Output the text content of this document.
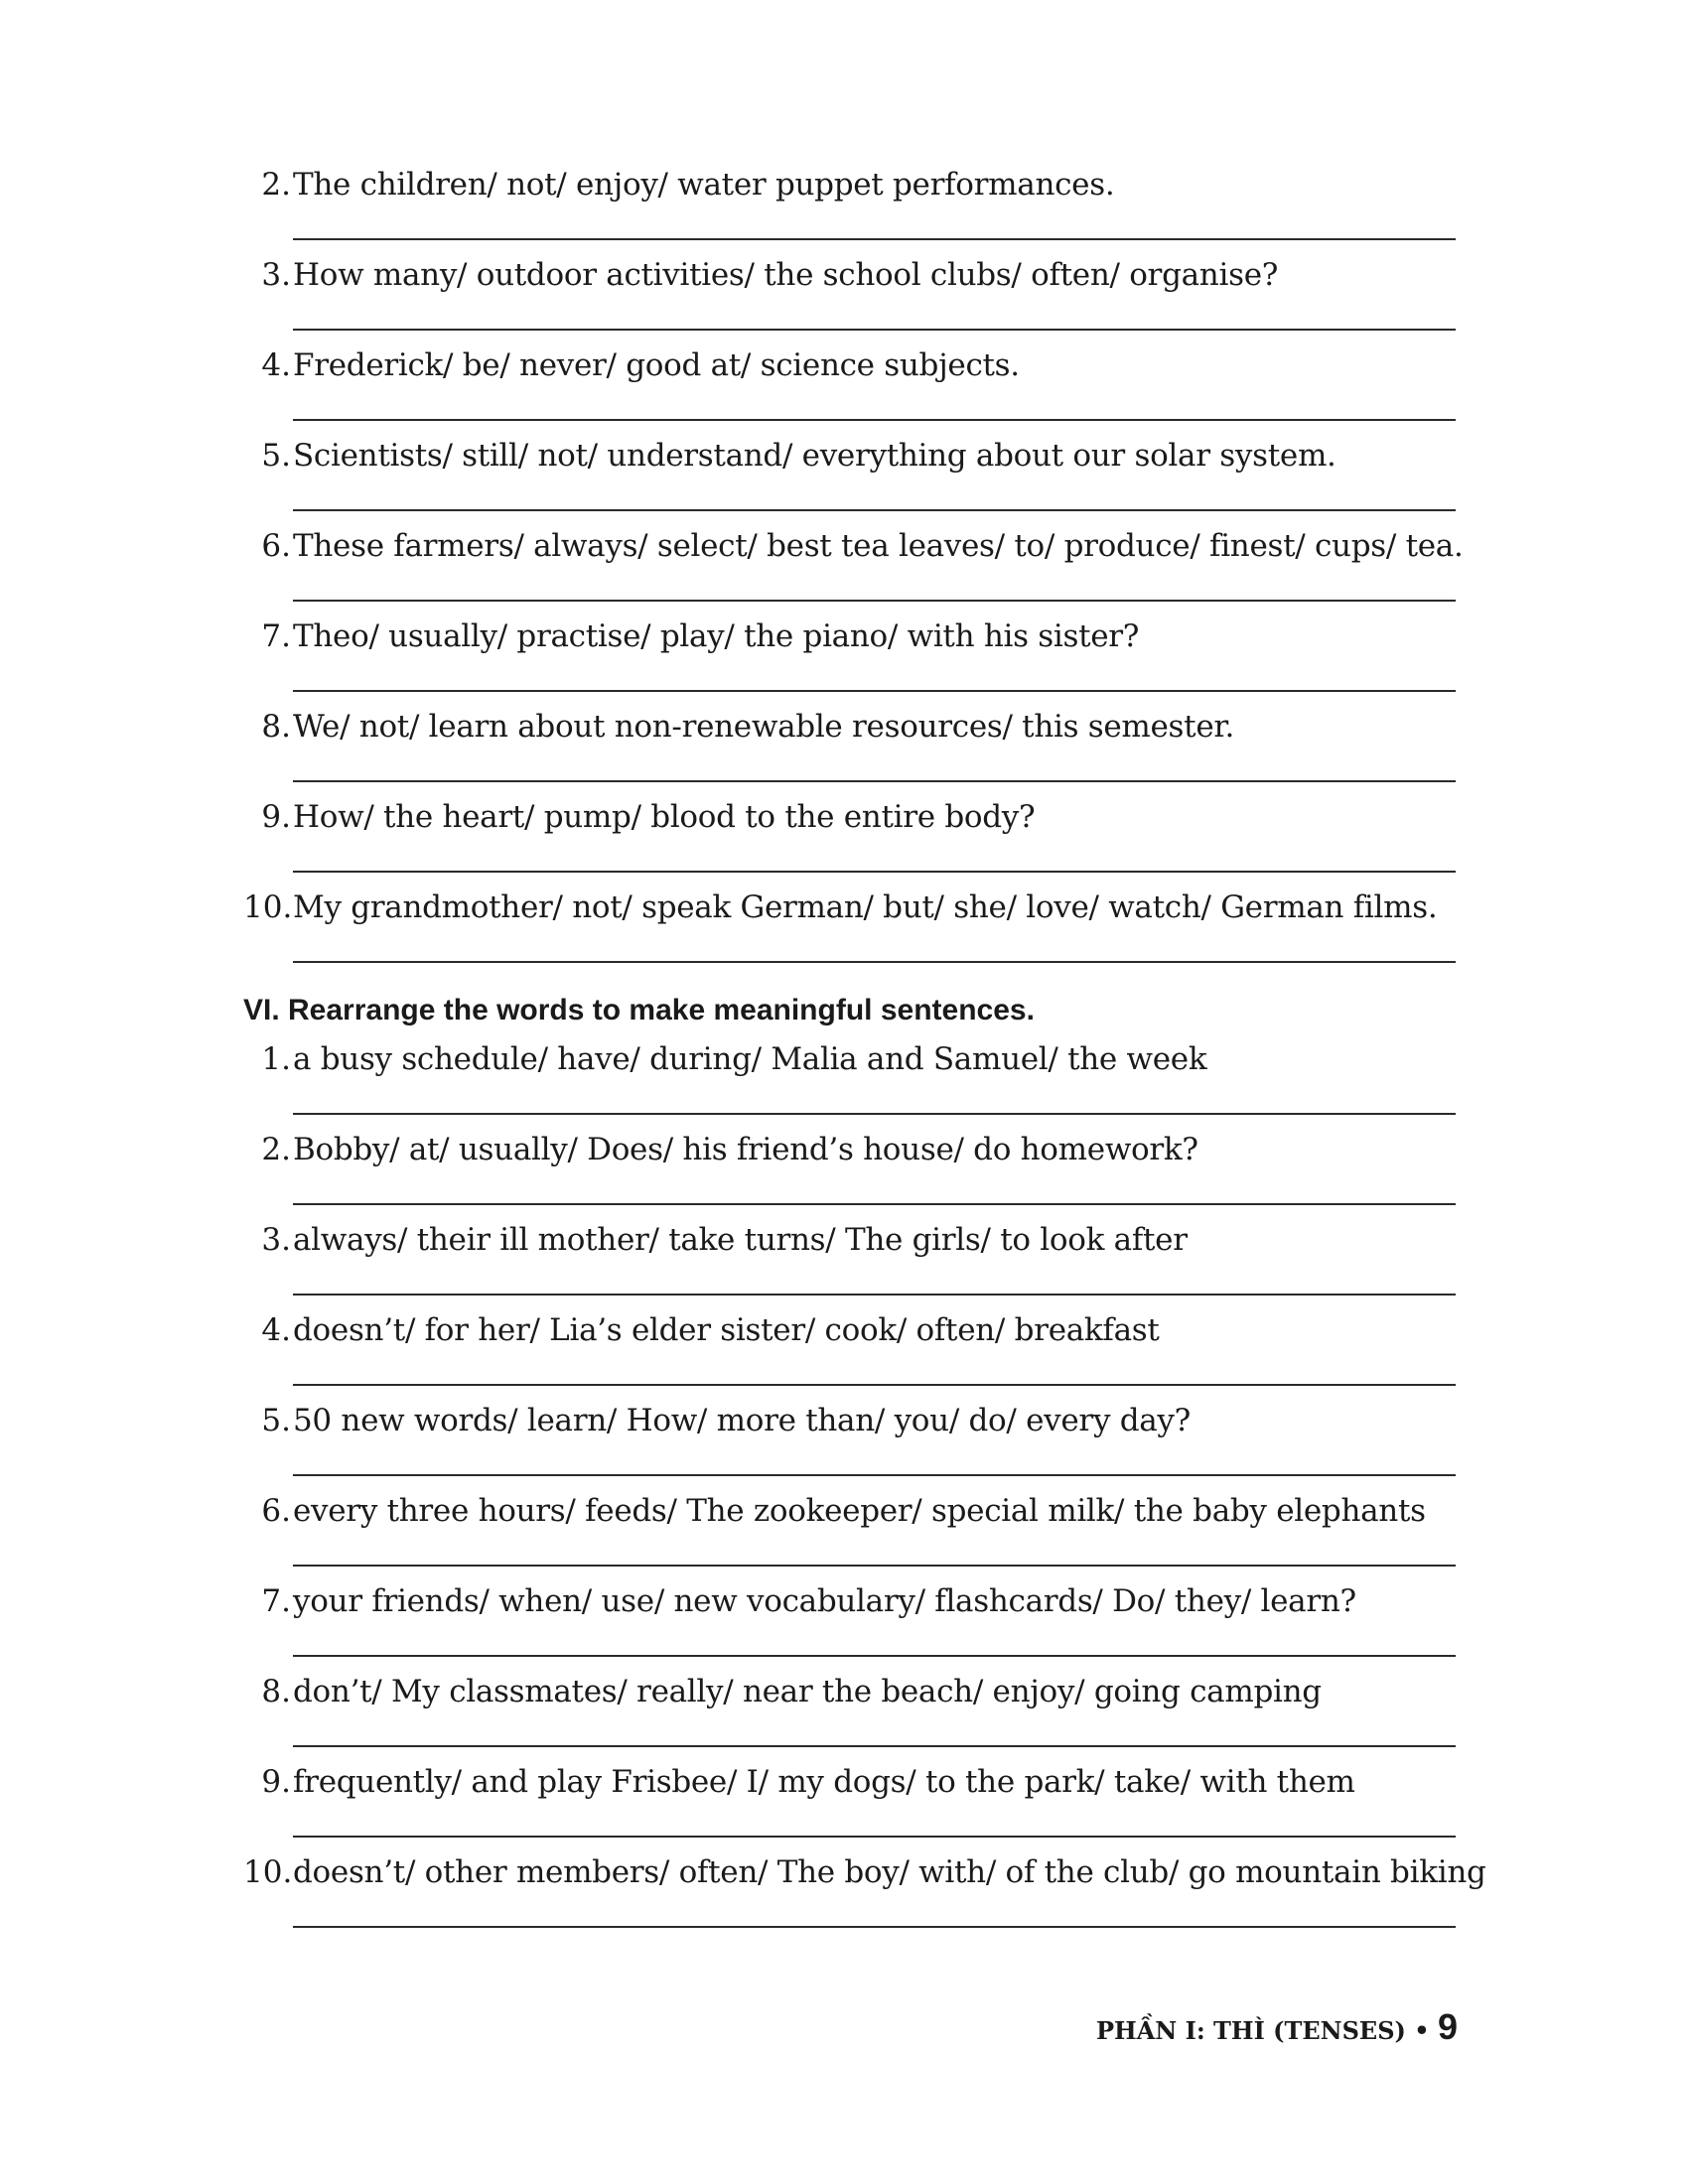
2. The children/ not/ enjoy/ water puppet performances.
3. How many/ outdoor activities/ the school clubs/ often/ organise?
4. Frederick/ be/ never/ good at/ science subjects.
5. Scientists/ still/ not/ understand/ everything about our solar system.
6. These farmers/ always/ select/ best tea leaves/ to/ produce/ finest/ cups/ tea.
7. Theo/ usually/ practise/ play/ the piano/ with his sister?
8. We/ not/ learn about non-renewable resources/ this semester.
9. How/ the heart/ pump/ blood to the entire body?
10. My grandmother/ not/ speak German/ but/ she/ love/ watch/ German films.
VI. Rearrange the words to make meaningful sentences.
1. a busy schedule/ have/ during/ Malia and Samuel/ the week
2. Bobby/ at/ usually/ Does/ his friend’s house/ do homework?
3. always/ their ill mother/ take turns/ The girls/ to look after
4. doesn’t/ for her/ Lia’s elder sister/ cook/ often/ breakfast
5. 50 new words/ learn/ How/ more than/ you/ do/ every day?
6. every three hours/ feeds/ The zookeeper/ special milk/ the baby elephants
7. your friends/ when/ use/ new vocabulary/ flashcards/ Do/ they/ learn?
8. don’t/ My classmates/ really/ near the beach/ enjoy/ going camping
9. frequently/ and play Frisbee/ I/ my dogs/ to the park/ take/ with them
10. doesn’t/ other members/ often/ The boy/ with/ of the club/ go mountain biking
PHẦN I: THÌ (TENSES) • 9
